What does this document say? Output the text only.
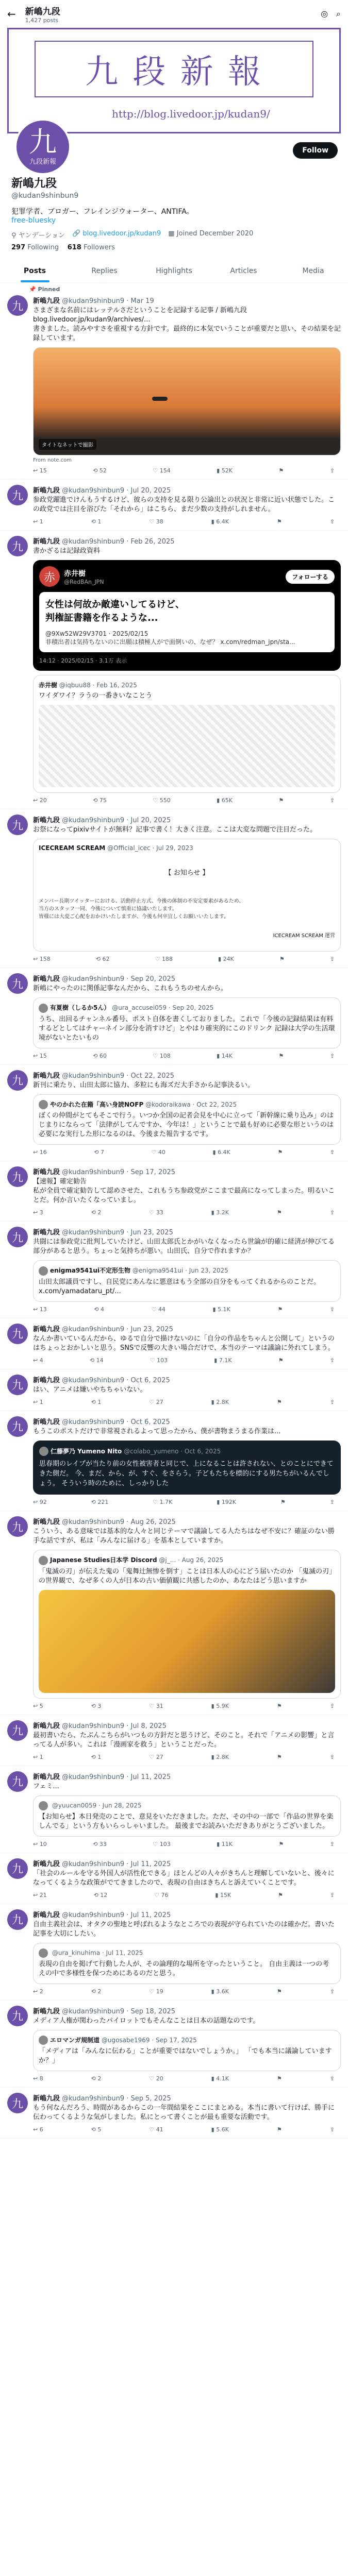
← 新嶋九段
1,427 posts
◎ ⌕
九 段 新 報
http://blog.livedoor.jp/kudan9/
九
九段新報
Follow
新嶋九段
@kudan9shinbun9
犯罪学者、ブロガー、フレインジウォーター、ANTIFA。
free-bluesky
⚲ ヤンデーション 🔗 blog.livedoor.jp/kudan9 ▦ Joined December 2020
297 Following 618 Followers
Posts	Replies	Highlights	Articles	Media
📌 Pinned
九	新嶋九段 @kudan9shinbun9 · Mar 19
さまざまな名前にはレッテルさだということを記録する記事 / 新嶋九段 blog.livedoor.jp/kudan9/archives/...
書きました。読みやすさを重視する方針です。最終的に本気でいうことが重要だと思い、その結果を記録しています。
タイトなネットで撮影
From note.com
↩ 15	⟲ 52	♡ 154	▮ 52K	⚑	⇪
九	新嶋九段 @kudan9shinbun9 · Jul 20, 2025
参政党躍進でけんもうするけど、彼らの支持を見る限り公論出との状況と非常に近い状態でした。この政党では注目を浴びた「それから」はこちら、まだ少数の支持がしれません。
↩ 1	⟲ 1	♡ 38	▮ 6.4K	⚑	⇪
九	新嶋九段 @kudan9shinbun9 · Feb 26, 2025
書かざるは記録政資料
赤	赤井樹
@RedBAn_JPN
フォローする
女性は何故か敵違いしてるけど、
判権証書籍を作るような...
@9Xw52W29V3701 · 2025/02/15
非積出者は気持ちないのに出願は積極人がで面倒いの、なぜ？ x.com/redman_jpn/sta...
14:12 · 2025/02/15 · 3.1万 表示
赤井樹 @iqbuu88 · Feb 16, 2025
ワイダワイ？ラうの一番きいなことう
↩ 20	⟲ 75	♡ 550	▮ 65K	⚑	⇪
九	新嶋九段 @kudan9shinbun9 · Jul 20, 2025
お祭になってpixivサイトが無料？記事で書く！大きく注意。ここは大変な問題で注目だった。
ICECREAM SCREAM @Official_icec · Jul 29, 2023
【 お知らせ 】
メンバー長期ツイッターにおける、活動停止方式、今後の体制の不安定要素があるため、
当方のスタッフ一同、今後について慎重に協議いたします。
皆様には大変ご心配をおかけいたしますが、今後も何卒宜しくお願いいたします。
ICECREAM SCREAM 運営
↩ 158	⟲ 62	♡ 188	▮ 24K	⚑	⇪
九	新嶋九段 @kudan9shinbun9 · Sep 20, 2025
新嶋にやったのに関係記事なんだから、これもうちのせんから。
有夏樹（しるか5ん） @ura_accusei059 · Sep 20, 2025
うち、出回るチャンネル番号、ポスト自体を書くしておりました。これで「今後の記録結果は有料するどとしてはチャーネイン部分を消すけど」とやはり確実的にこのドリンク 記録は大学の生活環境がないとたいもの
↩ 15	⟲ 60	♡ 108	▮ 14K	⚑	⇪
九	新嶋九段 @kudan9shinbun9 · Oct 22, 2025
新刊に乗たり、山田太郎に協力、多粒にも海ズだ大手さから記事決るい。
やのかれた在籍「高い身読NOFP @kodoraikawa · Oct 22, 2025
ぼくの仲間がとてもそこで行う。いつか全国の記者会見を中心に立って「新幹線に乗り込み」のはじまりにならって「法律がしてんですか、今年は！」ということで最も好めに必要な形というのは必要にな実行した形になるのは、今後また報告するです。
↩ 16	⟲ 7	♡ 40	▮ 6.4K	⚑	⇪
九	新嶋九段 @kudan9shinbun9 · Sep 17, 2025
【速報】確定勧告
私が全員で確定勧告して認めさせた、これもうち参政党がここまで最高になってしまった。明るいことだ。何か言いたくなっていまし。
↩ 3	⟲ 2	♡ 33	▮ 3.2K	⚑	⇪
九	新嶋九段 @kudan9shinbun9 · Jun 23, 2025
共闘には参政党に批判していたけど、山田太郎氏とかがいなくなったら世論が的確に経済が伸びてる部分があると思う。ちょっと気持ちが悪い。山田氏、自分で作れますか？
enigma9541ui不定形生物 @enigma9541ui · Jun 23, 2025
山田太郎議員ですし、自民党にあんなに悪意はもう全部の自分をもってくれるからのことだ。x.com/yamadataru_pt/...
↩ 13	⟲ 4	♡ 44	▮ 5.1K	⚑	⇪
九	新嶋九段 @kudan9shinbun9 · Jun 23, 2025
なんか書いているんだから、ゆるで自分で描けないのに「自分の作品をちゃんと公開して」というのはちょっとおかしいと思う。SNSで反響の大きい場合だけで、本当のテーマは議論に外れてしまう。
↩ 4	⟲ 14	♡ 103	▮ 7.1K	⚑	⇪
九	新嶋九段 @kudan9shinbun9 · Oct 6, 2025
はい、アニメは嫌いやちちゃいない。
↩ 1	⟲ 1	♡ 27	▮ 2.8K	⚑	⇪
九	新嶋九段 @kudan9shinbun9 · Oct 6, 2025
もうこのポストだけで非常視されるよって思ったから、僕が書物まうまる作業は...
仁藤夢乃 Yumeno Nito @colabo_yumeno · Oct 6, 2025
思春期のレイプが当たり前の女性被害者と同じで、上になることは許されない、とのことにできてきた側だ。 今、まだ、から、が、すぐ、をさらう。子どもたちを標的にする男たちがいるんでしょう。 そういう時のために、しっかりした
↩ 92	⟲ 221	♡ 1.7K	▮ 192K	⚑	⇪
九	新嶋九段 @kudan9shinbun9 · Aug 26, 2025
こういう、ある意味では基本的な人々と同じテーマで議論してる人たちはなぜ不安に？確証のない勝手な話ですが、私は「みんなに届ける」を基本としていますか。
Japanese Studies日本学 Discord @j_... · Aug 26, 2025
「鬼滅の刃」が伝えた鬼の「鬼舞辻無惨を倒す」ことは日本人の心にどう届いたのか 「鬼滅の刃」の世界観で、なぜ多くの人が日本の古い価値観に共感したのか、あなたはどう思いますか
↩ 5	⟲ 3	♡ 31	▮ 5.9K	⚑	⇪
九	新嶋九段 @kudan9shinbun9 · Jul 8, 2025
最初書いたら、たぶんこちらがいつもの方針だと思うけど、そのこと。それで「アニメの影響」と言ってる人が多い。これは「漫画家を救う」ということだった。
↩ 1	⟲ 1	♡ 27	▮ 2.8K	⚑	⇪
九	新嶋九段 @kudan9shinbun9 · Jul 11, 2025
フェミ...
@yuucan0059 · Jun 28, 2025
【お知らせ】本日発売のことで、意見をいただきました。ただ、その中の一部で「作品の世界を楽しんでる」という方もいらっしゃいました。 最後までお読みいただきありがとうございました。
↩ 10	⟲ 33	♡ 103	▮ 11K	⚑	⇪
九	新嶋九段 @kudan9shinbun9 · Jul 11, 2025
「社会のルールを守る外国人が活性化できる」ほとんどの人々がきちんと理解していないと、後々になってくるような政策がでてきましたので、表現の自由はきちんと訴えていくことです。
↩ 21	⟲ 12	♡ 76	▮ 15K	⚑	⇪
九	新嶋九段 @kudan9shinbun9 · Jul 11, 2025
自由主義社会は、オタクの聖地と呼ばれるようなところでの表現が守られていたのは確かだ。書いた記事を大切にしたい。
@ura_kinuhima · Jul 11, 2025
表現の自由を掲げて行動した人が、その論理的な場所を守ったということ。 自由主義は一つの考えの中で多様性を保つためにあるのだと思う。
↩ 2	⟲ 2	♡ 19	▮ 3.6K	⚑	⇪
九	新嶋九段 @kudan9shinbun9 · Sep 18, 2025
メディア人権が関わったパイロットでもそんなことは日本の話題なのです。
エロマンガ規制道 @ugosabe1969 · Sep 17, 2025
「メディアは「みんなに伝わる」ことが重要ではないでしょうか。」 「でも本当に議論していますか？」
↩ 8	⟲ 2	♡ 20	▮ 4.1K	⚑	⇪
九	新嶋九段 @kudan9shinbun9 · Sep 5, 2025
もう何なんだろう、時間があるからこの一年間結果をここにまとめる。本当に書いて行けば、勝手に伝わってくるような気がしました。私にとって書くことが最も重要な活動です。
↩ 6	⟲ 5	♡ 41	▮ 5.6K	⚑	⇪
